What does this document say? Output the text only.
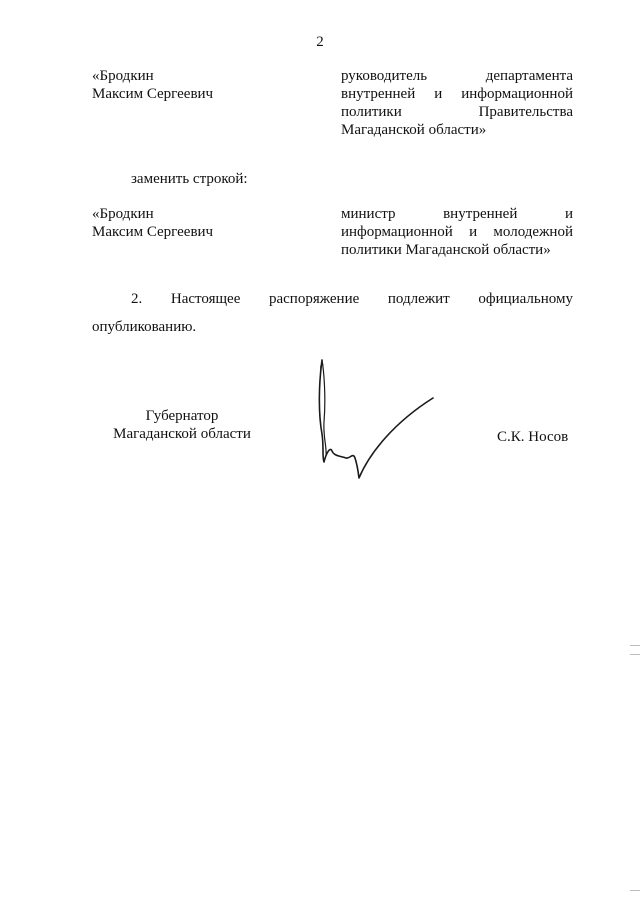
2
«Бродкин
Максим Сергеевич
руководитель департамента
внутренней и информационной
политики Правительства
Магаданской области»
заменить строкой:
«Бродкин
Максим Сергеевич
министр внутренней и
информационной и молодежной
политики Магаданской области»
2. Настоящее распоряжение подлежит официальному
опубликованию.
Губернатор
Магаданской области	С.К. Носов
